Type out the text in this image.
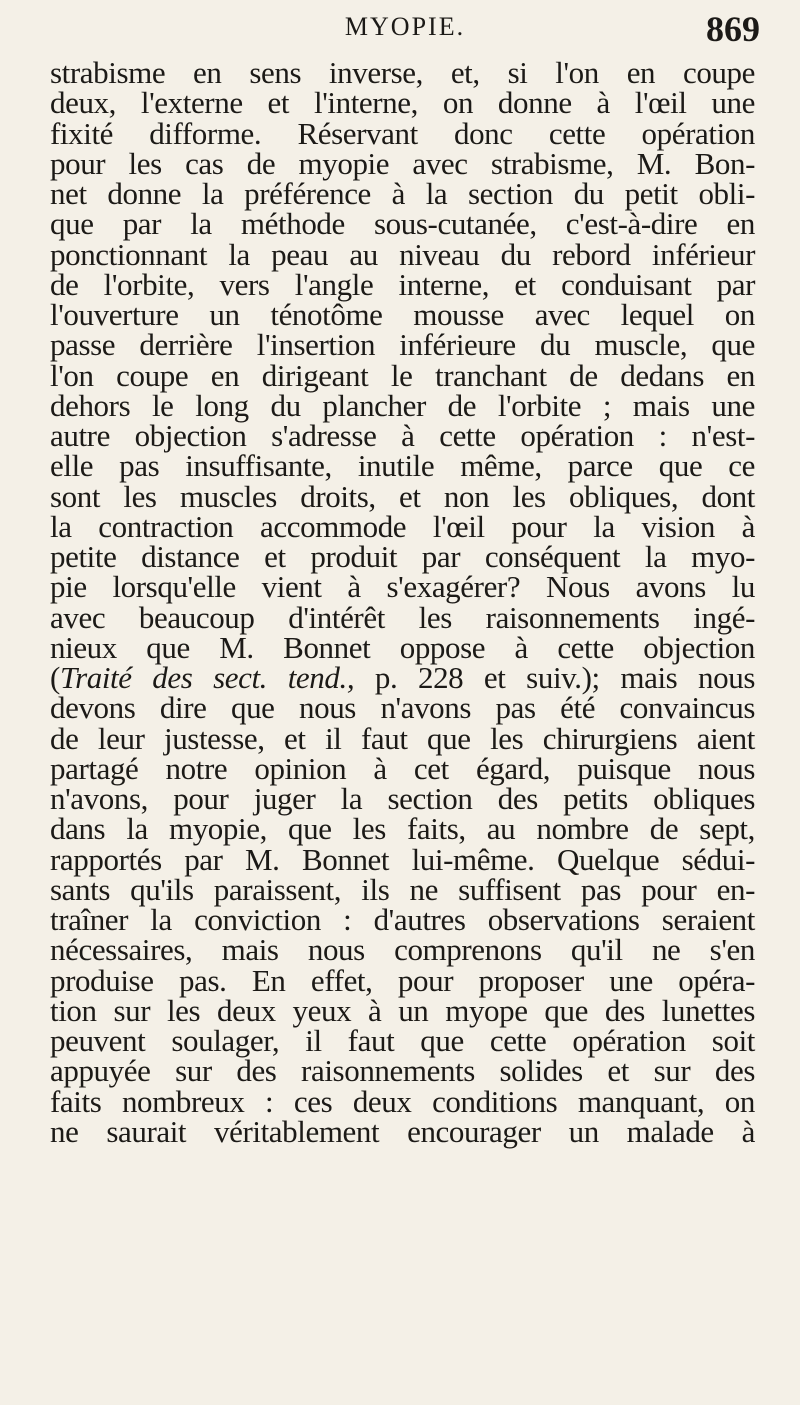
MYOPIE.	869
strabisme en sens inverse, et, si l'on en coupe
deux, l'externe et l'interne, on donne à l'œil une
fixité difforme. Réservant donc cette opération
pour les cas de myopie avec strabisme, M. Bon-
net donne la préférence à la section du petit obli-
que par la méthode sous-cutanée, c'est-à-dire en
ponctionnant la peau au niveau du rebord inférieur
de l'orbite, vers l'angle interne, et conduisant par
l'ouverture un ténotôme mousse avec lequel on
passe derrière l'insertion inférieure du muscle, que
l'on coupe en dirigeant le tranchant de dedans en
dehors le long du plancher de l'orbite ; mais une
autre objection s'adresse à cette opération : n'est-
elle pas insuffisante, inutile même, parce que ce
sont les muscles droits, et non les obliques, dont
la contraction accommode l'œil pour la vision à
petite distance et produit par conséquent la myo-
pie lorsqu'elle vient à s'exagérer? Nous avons lu
avec beaucoup d'intérêt les raisonnements ingé-
nieux que M. Bonnet oppose à cette objection
(Traité des sect. tend., p. 228 et suiv.); mais nous
devons dire que nous n'avons pas été convaincus
de leur justesse, et il faut que les chirurgiens aient
partagé notre opinion à cet égard, puisque nous
n'avons, pour juger la section des petits obliques
dans la myopie, que les faits, au nombre de sept,
rapportés par M. Bonnet lui-même. Quelque sédui-
sants qu'ils paraissent, ils ne suffisent pas pour en-
traîner la conviction : d'autres observations seraient
nécessaires, mais nous comprenons qu'il ne s'en
produise pas. En effet, pour proposer une opéra-
tion sur les deux yeux à un myope que des lunettes
peuvent soulager, il faut que cette opération soit
appuyée sur des raisonnements solides et sur des
faits nombreux : ces deux conditions manquant, on
ne saurait véritablement encourager un malade à
